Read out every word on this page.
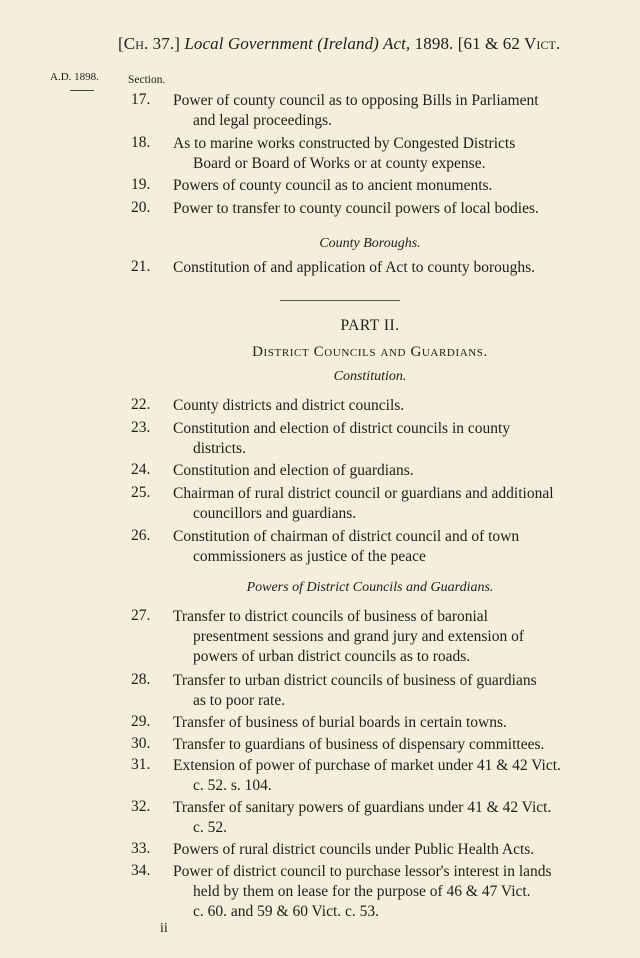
[Ch. 37.] Local Government (Ireland) Act, 1898. [61 & 62 Vict.
A.D. 1898.	Section.
17. Power of county council as to opposing Bills in Parliament
and legal proceedings.
18. As to marine works constructed by Congested Districts
Board or Board of Works or at county expense.
19. Powers of county council as to ancient monuments.
20. Power to transfer to county council powers of local bodies.
County Boroughs.
21. Constitution of and application of Act to county boroughs.
PART II.
District Councils and Guardians.
Constitution.
22. County districts and district councils.
23. Constitution and election of district councils in county
districts.
24. Constitution and election of guardians.
25. Chairman of rural district council or guardians and additional
councillors and guardians.
26. Constitution of chairman of district council and of town
commissioners as justice of the peace
Powers of District Councils and Guardians.
27. Transfer to district councils of business of baronial
presentment sessions and grand jury and extension of
powers of urban district councils as to roads.
28. Transfer to urban district councils of business of guardians
as to poor rate.
29. Transfer of business of burial boards in certain towns.
30. Transfer to guardians of business of dispensary committees.
31. Extension of power of purchase of market under 41 & 42 Vict.
c. 52. s. 104.
32. Transfer of sanitary powers of guardians under 41 & 42 Vict.
c. 52.
33. Powers of rural district councils under Public Health Acts.
34. Power of district council to purchase lessor's interest in lands
held by them on lease for the purpose of 46 & 47 Vict.
c. 60. and 59 & 60 Vict. c. 53.
ii
